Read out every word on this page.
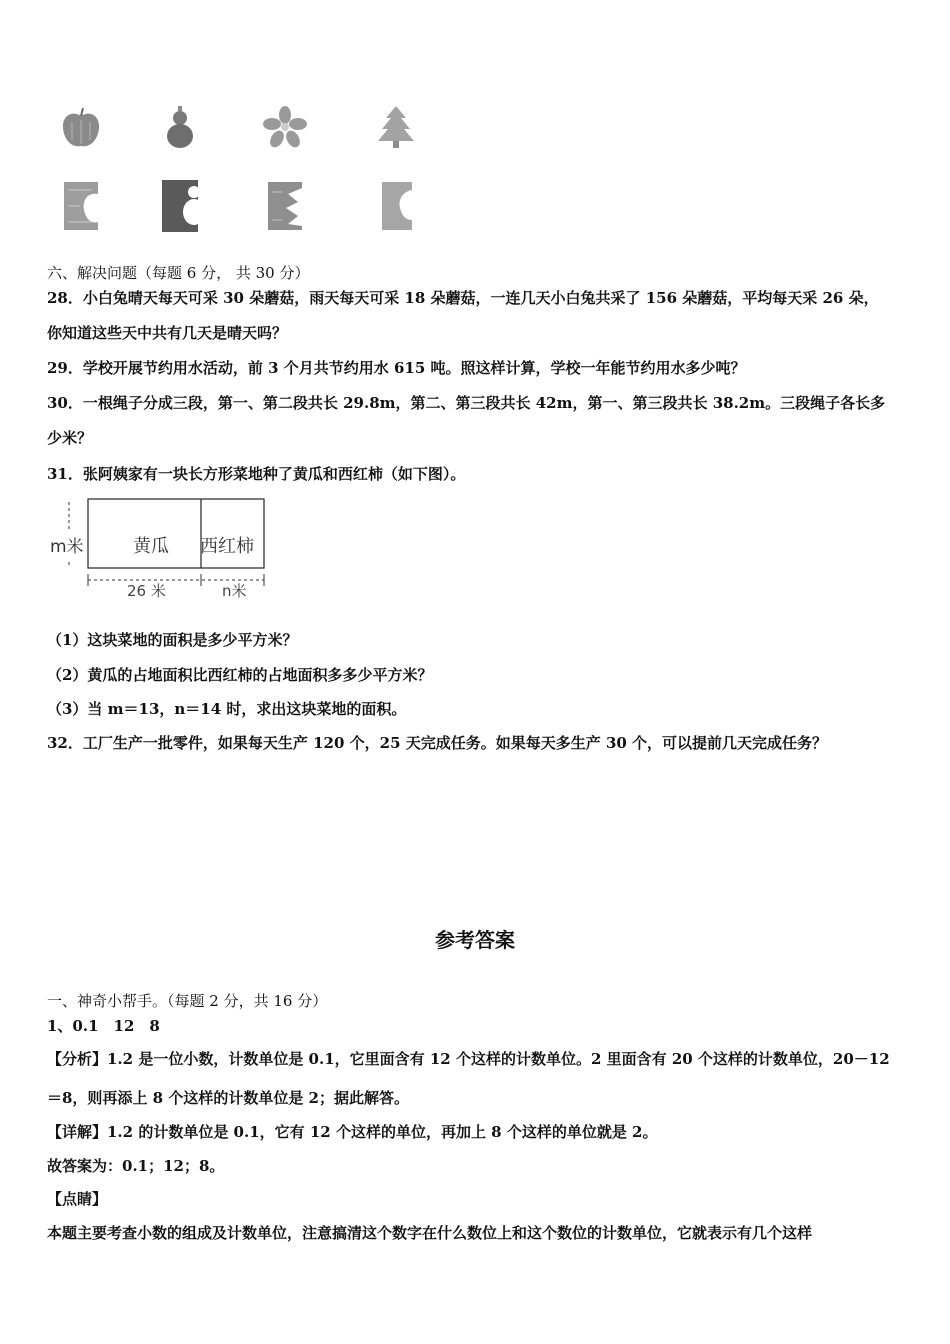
六、解决问题（每题 6 分， 共 30 分）
28．小白兔晴天每天可采 30 朵蘑菇，雨天每天可采 18 朵蘑菇，一连几天小白兔共采了 156 朵蘑菇，平均每天采 26 朵，
你知道这些天中共有几天是晴天吗？
29．学校开展节约用水活动，前 3 个月共节约用水 615 吨。照这样计算，学校一年能节约用水多少吨？
30．一根绳子分成三段，第一、第二段共长 29.8m，第二、第三段共长 42m，第一、第三段共长 38.2m。三段绳子各长多
少米？
31．张阿姨家有一块长方形菜地种了黄瓜和西红柿（如下图）。
m米	黄瓜 西红柿
26 米	n米
（1）这块菜地的面积是多少平方米？
（2）黄瓜的占地面积比西红柿的占地面积多多少平方米？
（3）当 m＝13，n＝14 时，求出这块菜地的面积。
32．工厂生产一批零件，如果每天生产 120 个，25 天完成任务。如果每天多生产 30 个，可以提前几天完成任务？
参考答案
一、神奇小帮手。（每题 2 分，共 16 分）
1、0.1　12　8
【分析】1.2 是一位小数，计数单位是 0.1，它里面含有 12 个这样的计数单位。2 里面含有 20 个这样的计数单位，20－12
＝8，则再添上 8 个这样的计数单位是 2；据此解答。
【详解】1.2 的计数单位是 0.1，它有 12 个这样的单位，再加上 8 个这样的单位就是 2。
故答案为：0.1；12；8。
【点睛】
本题主要考查小数的组成及计数单位，注意搞清这个数字在什么数位上和这个数位的计数单位，它就表示有几个这样
